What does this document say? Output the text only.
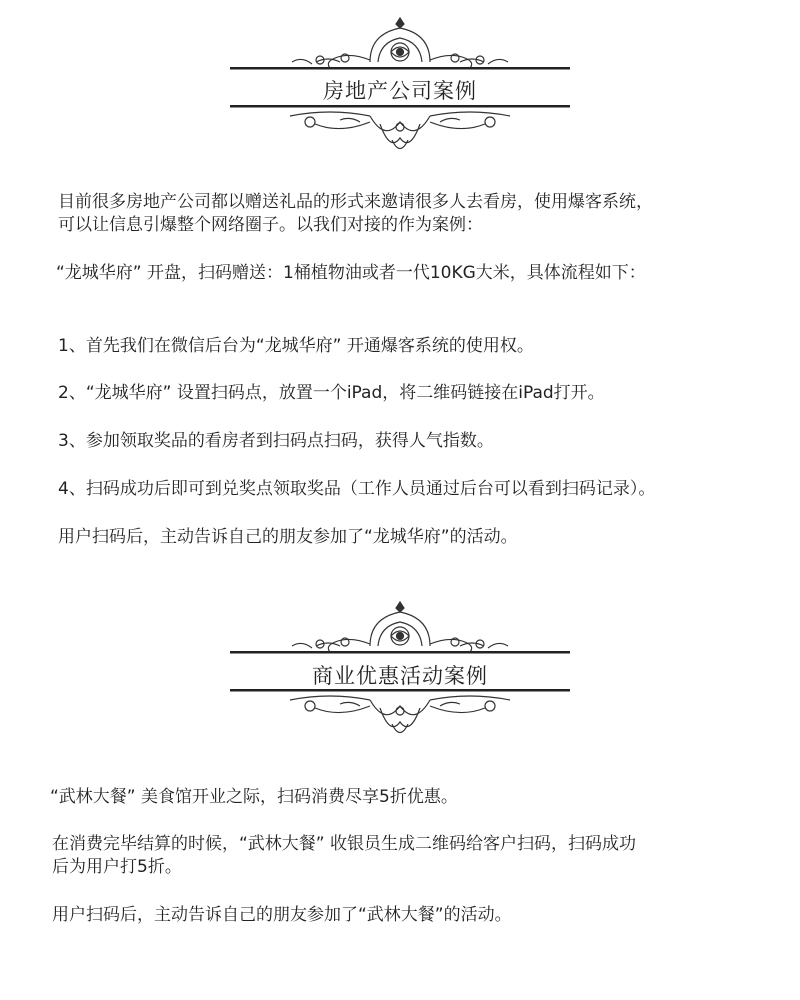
房地产公司案例

目前很多房地产公司都以赠送礼品的形式来邀请很多人去看房，使用爆客系统，

可以让信息引爆整个网络圈子。以我们对接的作为案例：

“龙城华府” 开盘，扫码赠送：1桶植物油或者一代10KG大米，具体流程如下：

1、首先我们在微信后台为“龙城华府” 开通爆客系统的使用权。

2、“龙城华府” 设置扫码点，放置一个iPad，将二维码链接在iPad打开。

3、参加领取奖品的看房者到扫码点扫码，获得人气指数。

4、扫码成功后即可到兑奖点领取奖品（工作人员通过后台可以看到扫码记录）。

用户扫码后，主动告诉自己的朋友参加了“龙城华府”的活动。

商业优惠活动案例

“武林大餐” 美食馆开业之际，扫码消费尽享5折优惠。

在消费完毕结算的时候，“武林大餐” 收银员生成二维码给客户扫码，扫码成功

后为用户打5折。

用户扫码后，主动告诉自己的朋友参加了“武林大餐”的活动。
